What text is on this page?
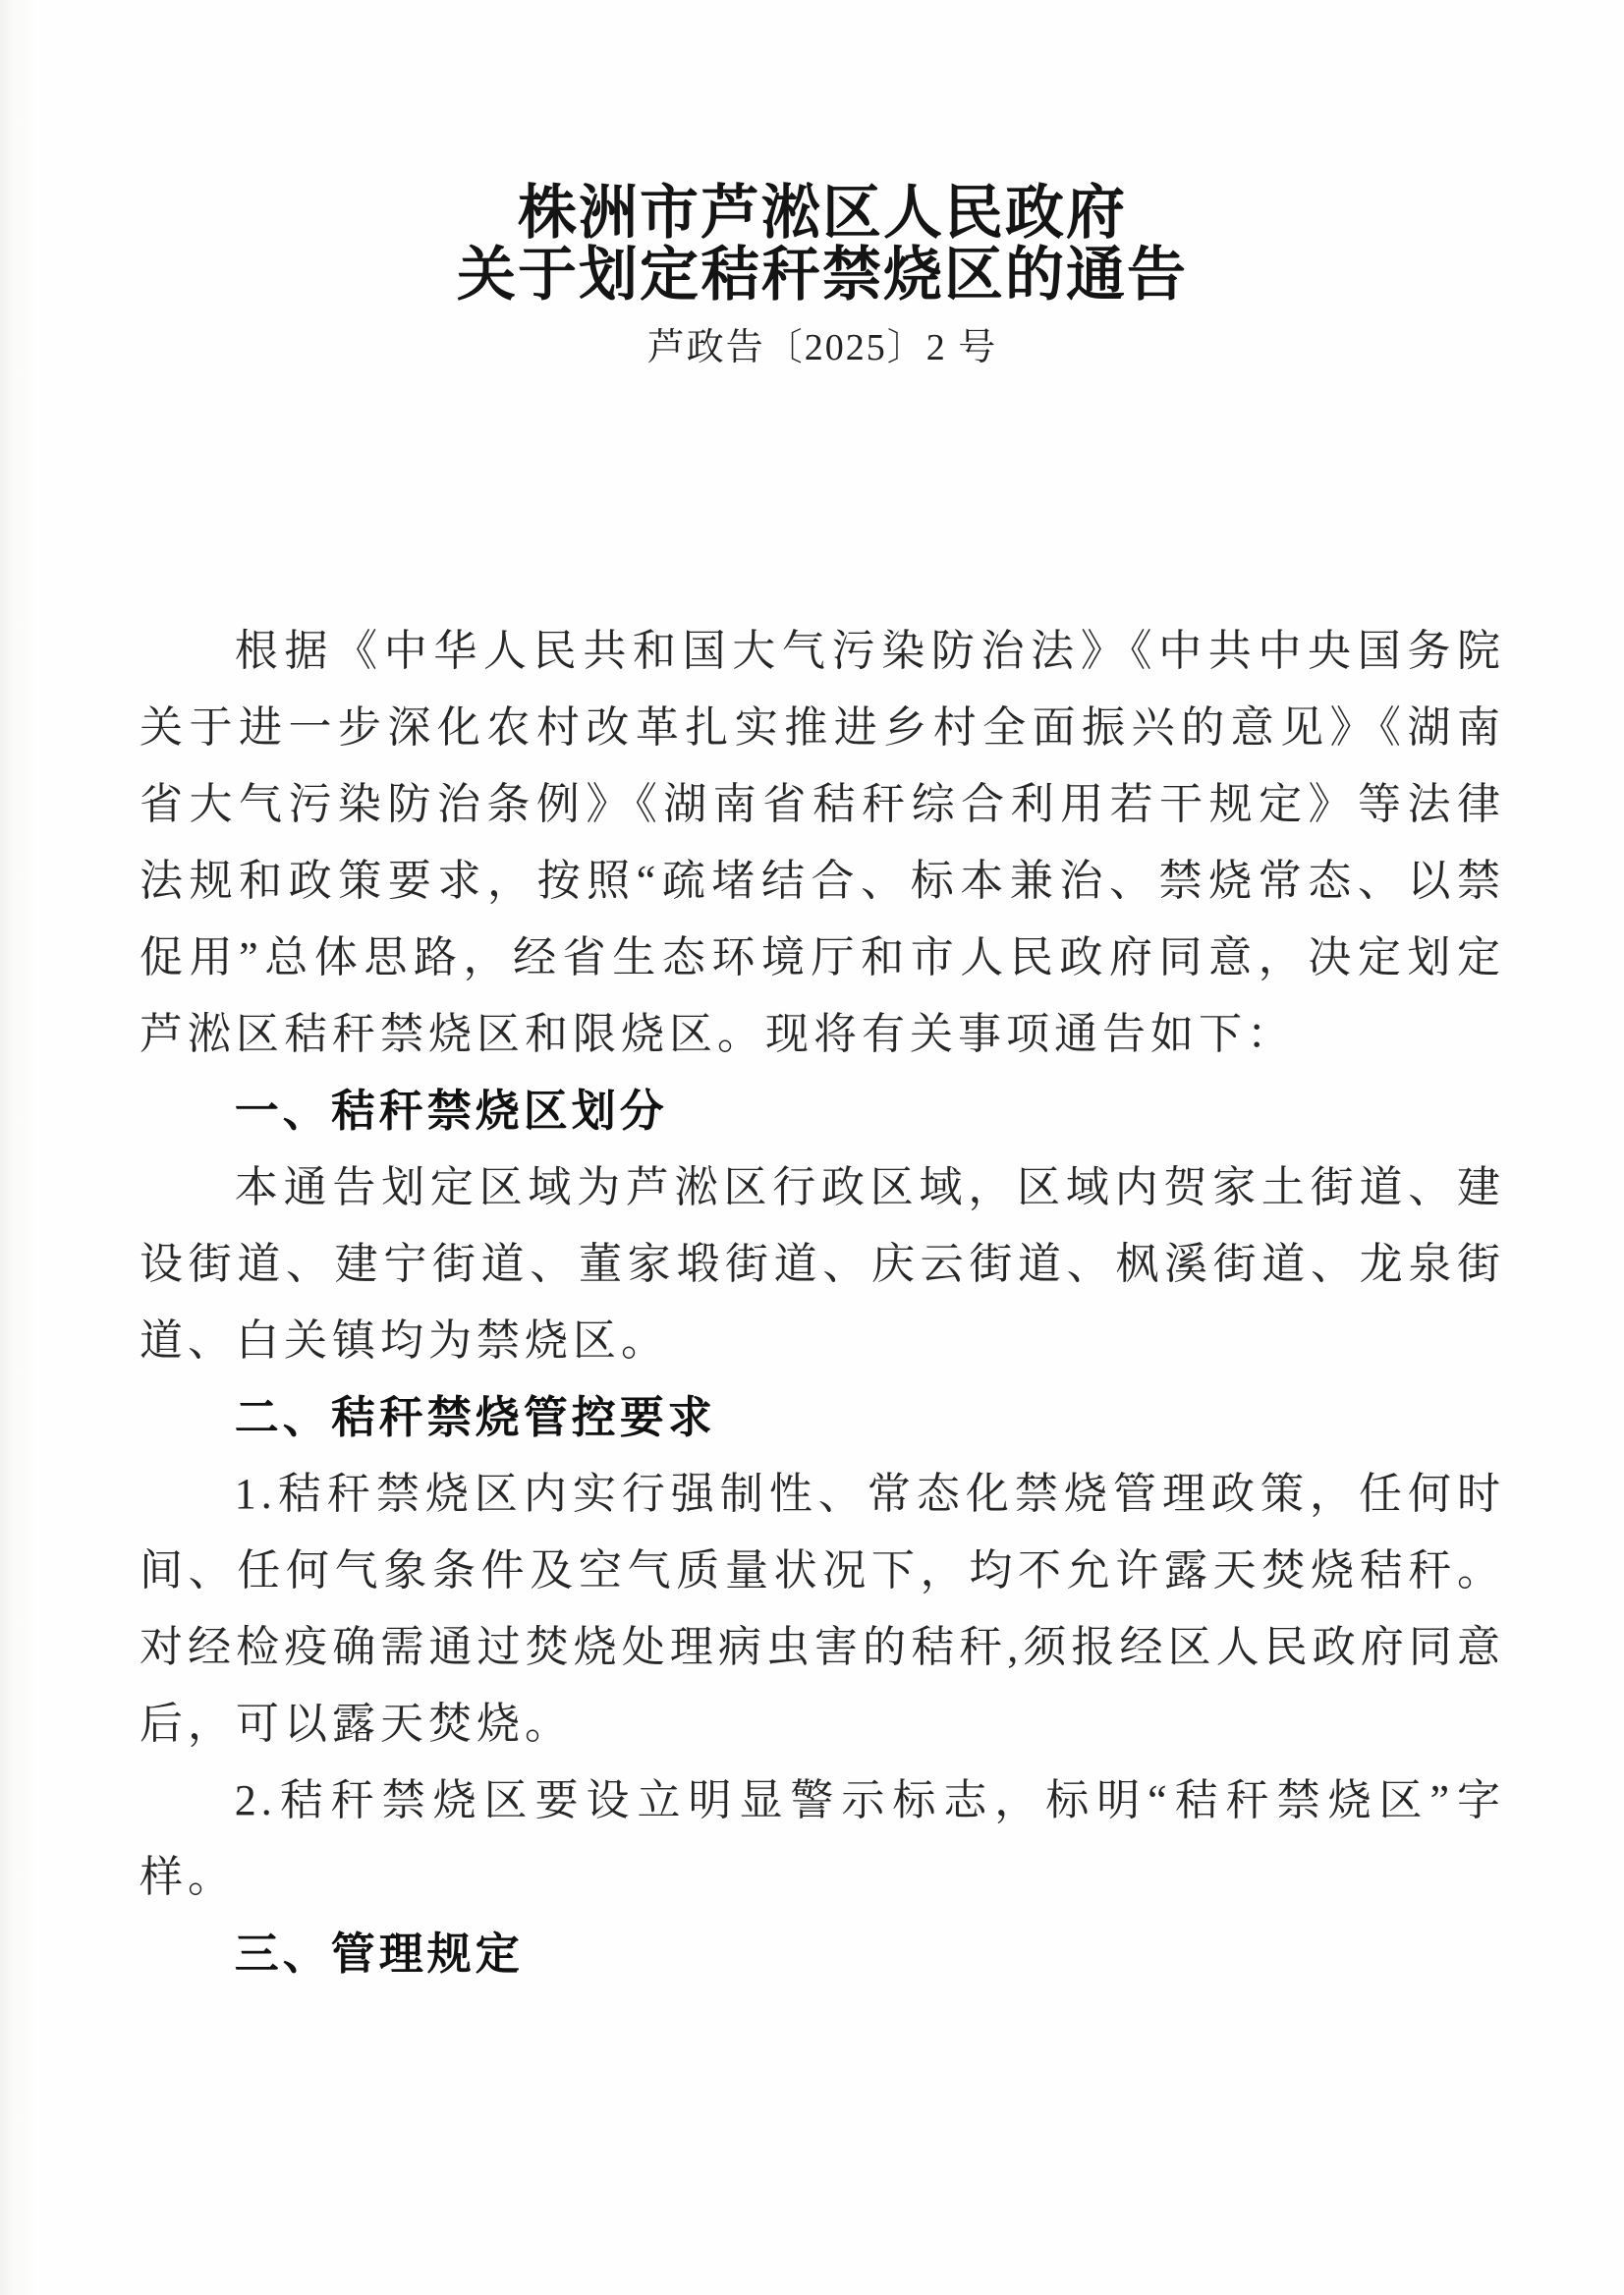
株洲市芦淞区人民政府
关于划定秸秆禁烧区的通告
芦政告〔2025〕2 号
根据《中华人民共和国大气污染防治法》《中共中央国务院关于进一步深化农村改革扎实推进乡村全面振兴的意见》《湖南省大气污染防治条例》《湖南省秸秆综合利用若干规定》等法律法规和政策要求，按照“疏堵结合、标本兼治、禁烧常态、以禁促用”总体思路，经省生态环境厅和市人民政府同意，决定划定芦淞区秸秆禁烧区和限烧区。现将有关事项通告如下：
一、秸秆禁烧区划分
本通告划定区域为芦淞区行政区域，区域内贺家土街道、建设街道、建宁街道、董家塅街道、庆云街道、枫溪街道、龙泉街道、白关镇均为禁烧区。
二、秸秆禁烧管控要求
1.秸秆禁烧区内实行强制性、常态化禁烧管理政策，任何时间、任何气象条件及空气质量状况下，均不允许露天焚烧秸秆。对经检疫确需通过焚烧处理病虫害的秸秆,须报经区人民政府同意后，可以露天焚烧。
2.秸秆禁烧区要设立明显警示标志，标明“秸秆禁烧区”字样。
三、管理规定
